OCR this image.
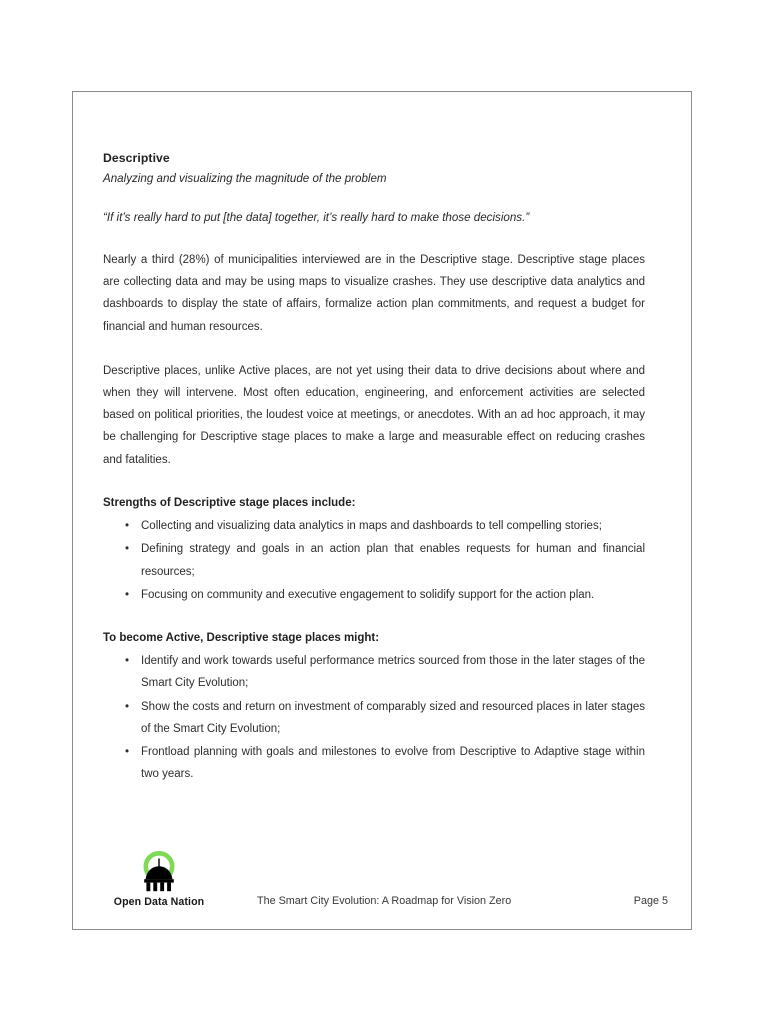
Descriptive

Analyzing and visualizing the magnitude of the problem

“If it’s really hard to put [the data] together, it’s really hard to make those decisions.”

Nearly a third (28%) of municipalities interviewed are in the Descriptive stage. Descriptive stage places are collecting data and may be using maps to visualize crashes. They use descriptive data analytics and dashboards to display the state of affairs, formalize action plan commitments, and request a budget for financial and human resources.

Descriptive places, unlike Active places, are not yet using their data to drive decisions about where and when they will intervene. Most often education, engineering, and enforcement activities are selected based on political priorities, the loudest voice at meetings, or anecdotes. With an ad hoc approach, it may be challenging for Descriptive stage places to make a large and measurable effect on reducing crashes and fatalities.

Strengths of Descriptive stage places include:

• Collecting and visualizing data analytics in maps and dashboards to tell compelling stories;
• Defining strategy and goals in an action plan that enables requests for human and financial resources;
• Focusing on community and executive engagement to solidify support for the action plan.

To become Active, Descriptive stage places might:

• Identify and work towards useful performance metrics sourced from those in the later stages of the Smart City Evolution;
• Show the costs and return on investment of comparably sized and resourced places in later stages of the Smart City Evolution;
• Frontload planning with goals and milestones to evolve from Descriptive to Adaptive stage within two years.
Open Data Nation	The Smart City Evolution: A Roadmap for Vision Zero	Page 5
